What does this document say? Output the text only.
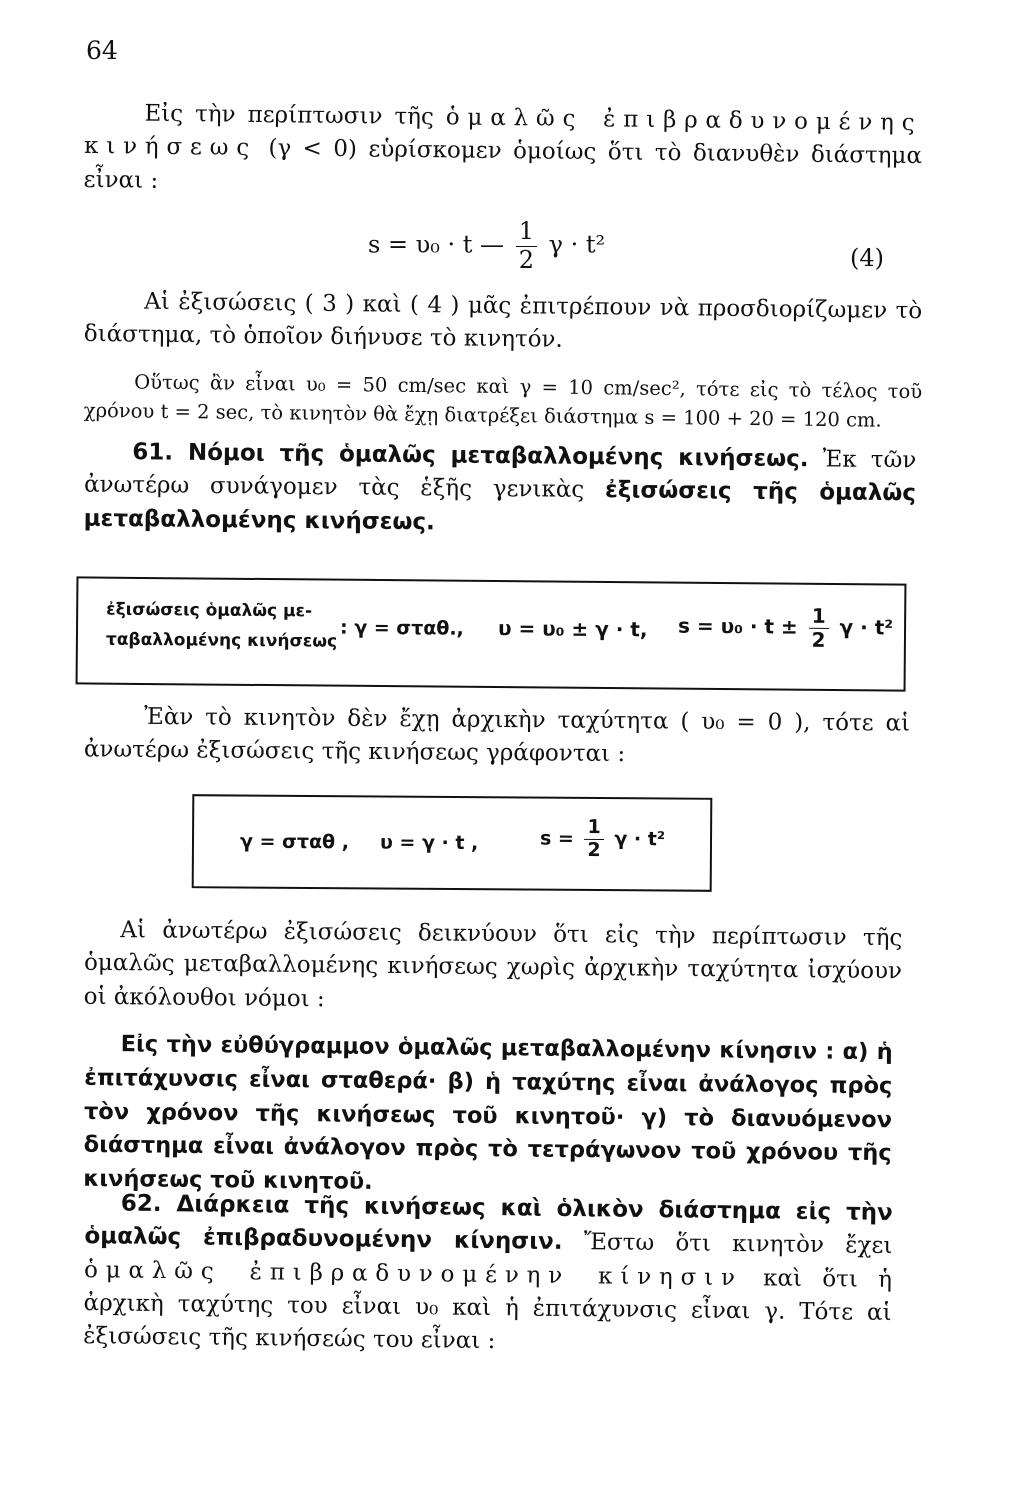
64
Εἰς τὴν περίπτωσιν τῆς ὁμαλῶς ἐπιβραδυνομένης κινήσεως (γ < 0) εὑρίσκομεν ὁμοίως ὅτι τὸ διανυθὲν διάστημα εἶναι :
s = υ₀ · t — $\frac{1}{2}$ γ · t²	(4)
Αἱ ἐξισώσεις ( 3 ) καὶ ( 4 ) μᾶς ἐπιτρέπουν νὰ προσδιορίζωμεν τὸ διάστημα, τὸ ὁποῖον διήνυσε τὸ κινητόν.
Οὕτως ἂν εἶναι υ₀ = 50 cm/sec καὶ γ = 10 cm/sec², τότε εἰς τὸ τέλος τοῦ χρόνου t = 2 sec, τὸ κινητὸν θὰ ἔχῃ διατρέξει διάστημα s = 100 + 20 = 120 cm.
61. Νόμοι τῆς ὁμαλῶς μεταβαλλομένης κινήσεως. Ἐκ τῶν ἀνωτέρω συνάγομεν τὰς ἑξῆς γενικὰς ἐξισώσεις τῆς ὁμαλῶς μεταβαλλομένης κινήσεως.
ἐξισώσεις ὁμαλῶς με-
ταβαλλομένης κινήσεως
: γ = σταθ., υ = υ₀ ± γ · t, $s = \upsilon_0 \cdot t \pm \frac{1}{2}$ γ · t²
Ἐὰν τὸ κινητὸν δὲν ἔχῃ ἀρχικὴν ταχύτητα ( υ₀ = 0 ), τότε αἱ ἀνωτέρω ἐξισώσεις τῆς κινήσεως γράφονται :
γ = σταθ , υ = γ · t ,	$s = \frac{1}{2}$ γ · t²
Αἱ ἀνωτέρω ἐξισώσεις δεικνύουν ὅτι εἰς τὴν περίπτωσιν τῆς ὁμαλῶς μεταβαλλομένης κινήσεως χωρὶς ἀρχικὴν ταχύτητα ἰσχύουν οἱ ἀκόλουθοι νόμοι :
Εἰς τὴν εὐθύγραμμον ὁμαλῶς μεταβαλλομένην κίνησιν : α) ἡ ἐπιτάχυνσις εἶναι σταθερά· β) ἡ ταχύτης εἶναι ἀνάλογος πρὸς τὸν χρόνον τῆς κινήσεως τοῦ κινητοῦ· γ) τὸ διανυόμενον διάστημα εἶναι ἀνάλογον πρὸς τὸ τετράγωνον τοῦ χρόνου τῆς κινήσεως τοῦ κινητοῦ.
62. Διάρκεια τῆς κινήσεως καὶ ὁλικὸν διάστημα εἰς τὴν ὁμαλῶς ἐπιβραδυνομένην κίνησιν. Ἔστω ὅτι κινητὸν ἔχει ὁμαλῶς ἐπιβραδυνομένην κίνησιν καὶ ὅτι ἡ ἀρχικὴ ταχύτης του εἶναι υ₀ καὶ ἡ ἐπιτάχυνσις εἶναι γ. Τότε αἱ ἐξισώσεις τῆς κινήσεώς του εἶναι :
